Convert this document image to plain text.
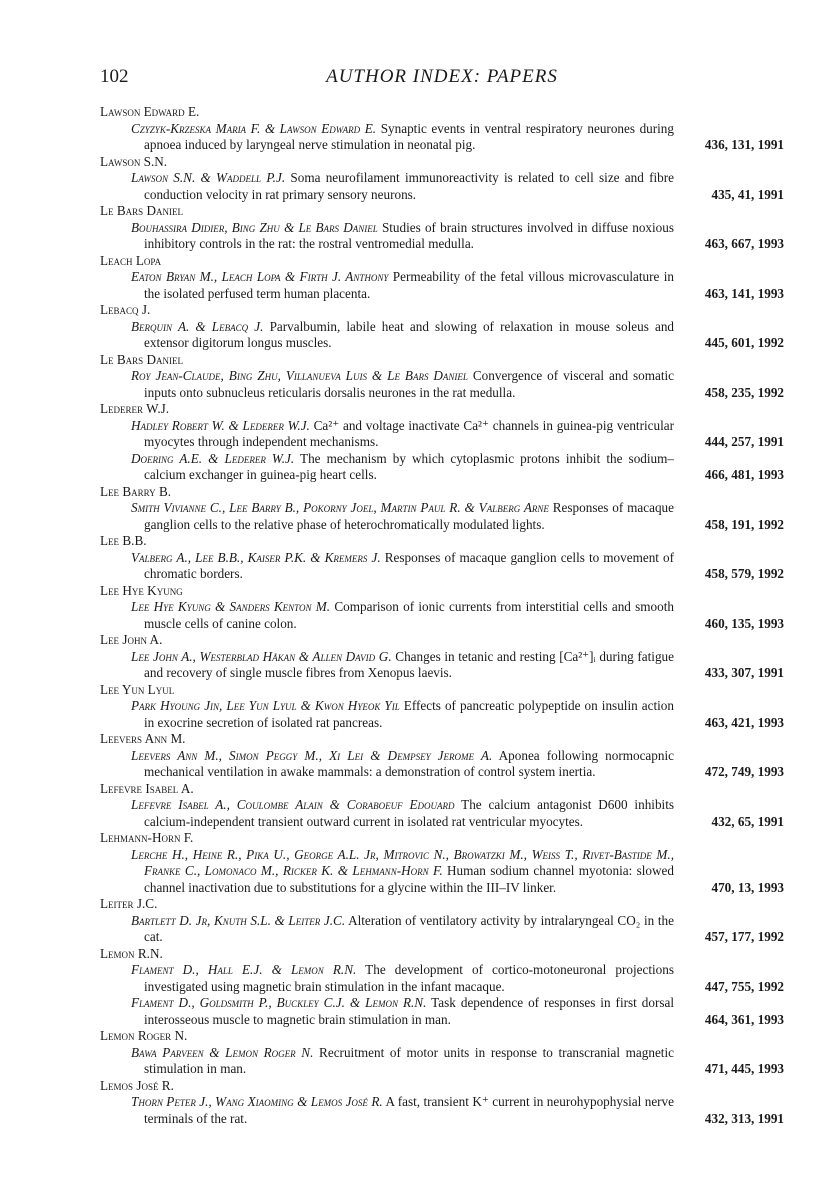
102	AUTHOR INDEX: PAPERS
Lawson Edward E.
Czyzyk-Krzeska Maria F. & Lawson Edward E. Synaptic events in ventral respiratory neurones during apnoea induced by laryngeal nerve stimulation in neonatal pig.	436, 131, 1991
Lawson S.N.
Lawson S.N. & Waddell P.J. Soma neurofilament immunoreactivity is related to cell size and fibre conduction velocity in rat primary sensory neurons.	435, 41, 1991
Le Bars Daniel
Bouhassira Didier, Bing Zhu & Le Bars Daniel Studies of brain structures involved in diffuse noxious inhibitory controls in the rat: the rostral ventromedial medulla.	463, 667, 1993
Leach Lopa
Eaton Bryan M., Leach Lopa & Firth J. Anthony Permeability of the fetal villous microvasculature in the isolated perfused term human placenta.	463, 141, 1993
Lebacq J.
Berquin A. & Lebacq J. Parvalbumin, labile heat and slowing of relaxation in mouse soleus and extensor digitorum longus muscles.	445, 601, 1992
Le Bars Daniel
Roy Jean-Claude, Bing Zhu, Villanueva Luis & Le Bars Daniel Convergence of visceral and somatic inputs onto subnucleus reticularis dorsalis neurones in the rat medulla.	458, 235, 1992
Lederer W.J.
Hadley Robert W. & Lederer W.J. Ca²⁺ and voltage inactivate Ca²⁺ channels in guinea-pig ventricular myocytes through independent mechanisms.	444, 257, 1991
Doering A.E. & Lederer W.J. The mechanism by which cytoplasmic protons inhibit the sodium–calcium exchanger in guinea-pig heart cells.	466, 481, 1993
Lee Barry B.
Smith Vivianne C., Lee Barry B., Pokorny Joel, Martin Paul R. & Valberg Arne Responses of macaque ganglion cells to the relative phase of heterochromatically modulated lights.	458, 191, 1992
Lee B.B.
Valberg A., Lee B.B., Kaiser P.K. & Kremers J. Responses of macaque ganglion cells to movement of chromatic borders.	458, 579, 1992
Lee Hye Kyung
Lee Hye Kyung & Sanders Kenton M. Comparison of ionic currents from interstitial cells and smooth muscle cells of canine colon.	460, 135, 1993
Lee John A.
Lee John A., Westerblad Håkan & Allen David G. Changes in tetanic and resting [Ca²⁺]ᵢ during fatigue and recovery of single muscle fibres from Xenopus laevis.	433, 307, 1991
Lee Yun Lyul
Park Hyoung Jin, Lee Yun Lyul & Kwon Hyeok Yil Effects of pancreatic polypeptide on insulin action in exocrine secretion of isolated rat pancreas.	463, 421, 1993
Leevers Ann M.
Leevers Ann M., Simon Peggy M., Xi Lei & Dempsey Jerome A. Aponea following normocapnic mechanical ventilation in awake mammals: a demonstration of control system inertia.	472, 749, 1993
Lefevre Isabel A.
Lefevre Isabel A., Coulombe Alain & Coraboeuf Edouard The calcium antagonist D600 inhibits calcium-independent transient outward current in isolated rat ventricular myocytes.	432, 65, 1991
Lehmann-Horn F.
Lerche H., Heine R., Pika U., George A.L. Jr, Mitrovic N., Browatzki M., Weiß T., Rivet-Bastide M., Franke C., Lomonaco M., Ricker K. & Lehmann-Horn F. Human sodium channel myotonia: slowed channel inactivation due to substitutions for a glycine within the III–IV linker.	470, 13, 1993
Leiter J.C.
Bartlett D. Jr, Knuth S.L. & Leiter J.C. Alteration of ventilatory activity by intralaryngeal CO₂ in the cat.	457, 177, 1992
Lemon R.N.
Flament D., Hall E.J. & Lemon R.N. The development of cortico-motoneuronal projections investigated using magnetic brain stimulation in the infant macaque.	447, 755, 1992
Flament D., Goldsmith P., Buckley C.J. & Lemon R.N. Task dependence of responses in first dorsal interosseous muscle to magnetic brain stimulation in man.	464, 361, 1993
Lemon Roger N.
Bawa Parveen & Lemon Roger N. Recruitment of motor units in response to transcranial magnetic stimulation in man.	471, 445, 1993
Lemos José R.
Thorn Peter J., Wang Xiaoming & Lemos José R. A fast, transient K⁺ current in neurohypophysial nerve terminals of the rat.	432, 313, 1991
